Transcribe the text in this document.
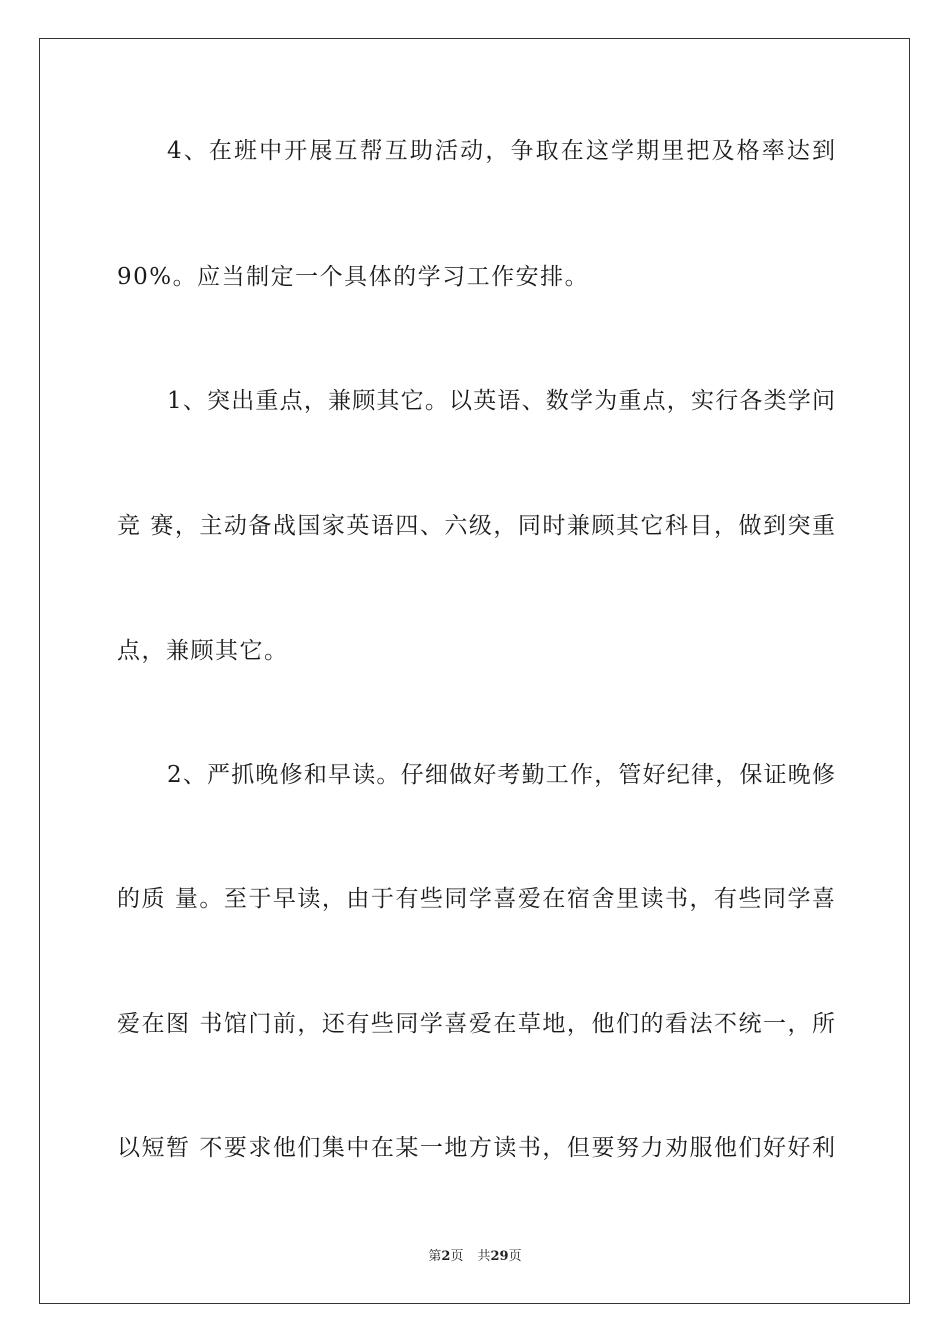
4、在班中开展互帮互助活动，争取在这学期里把及格率达到
90%。应当制定一个具体的学习工作安排。
1、突出重点，兼顾其它。以英语、数学为重点，实行各类学问
竞 赛，主动备战国家英语四、六级，同时兼顾其它科目，做到突重
点，兼顾其它。
2、严抓晚修和早读。仔细做好考勤工作，管好纪律，保证晚修
的质 量。至于早读，由于有些同学喜爱在宿舍里读书，有些同学喜
爱在图 书馆门前，还有些同学喜爱在草地，他们的看法不统一，所
以短暂 不要求他们集中在某一地方读书，但要努力劝服他们好好利
第2页 共29页
